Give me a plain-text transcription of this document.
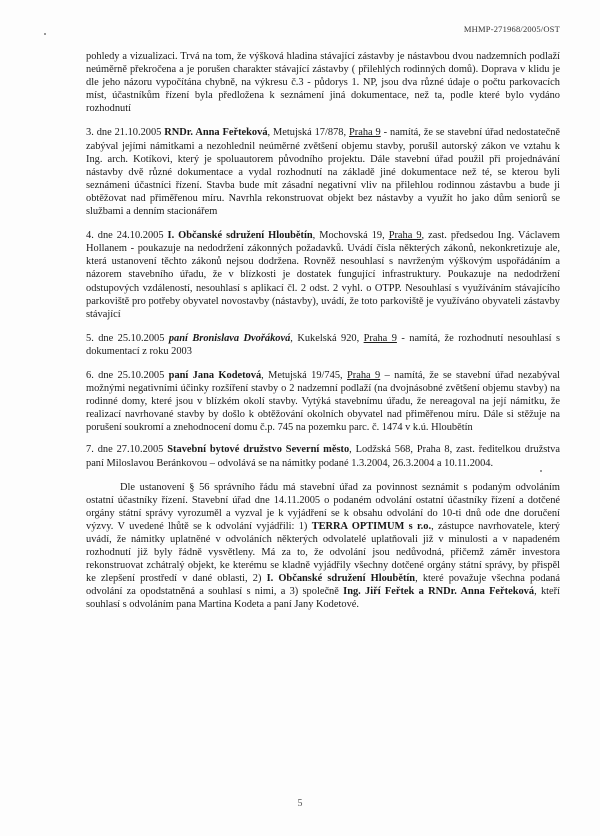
MHMP-271968/2005/OST

pohledy a vizualizaci. Trvá na tom, že výšková hladina stávající zástavby je nástavbou dvou nadzemních podlaží neúměrně překročena a je porušen charakter stávající zástavby ( přilehlých rodinných domů). Doprava v klidu je dle jeho názoru vypočítána chybně, na výkresu č.3 - půdorys 1. NP, jsou dva různé údaje o počtu parkovacích míst, účastníkům řízení byla předložena k seznámení jiná dokumentace, než ta, podle které bylo vydáno rozhodnutí

3. dne 21.10.2005 RNDr. Anna Feřteková, Metujská 17/878, Praha 9 - namítá, že se stavební úřad nedostatečně zabýval jejími námitkami a nezohlednil neúměrné zvětšení objemu stavby, porušil autorský zákon ve vztahu k Ing. arch. Kotíkovi, který je spoluautorem původního projektu. Dále stavební úřad použil při projednávání nástavby dvě různé dokumentace a vydal rozhodnutí na základě jiné dokumentace než té, se kterou byli seznámeni účastníci řízení. Stavba bude mít zásadní negativní vliv na přilehlou rodinnou zástavbu a bude ji obtěžovat nad přiměřenou míru. Navrhla rekonstruovat objekt bez nástavby a využít ho jako dům seniorů se službami a denním stacionářem

4. dne 24.10.2005 I. Občanské sdružení Hloubětín, Mochovská 19, Praha 9, zast. předsedou Ing. Václavem Hollanem - poukazuje na nedodržení zákonných požadavků. Uvádí čísla některých zákonů, nekonkretizuje ale, která ustanovení těchto zákonů nejsou dodržena. Rovněž nesouhlasí s navrženým výškovým uspořádáním a názorem stavebního úřadu, že v blízkosti je dostatek fungující infrastruktury. Poukazuje na nedodržení odstupových vzdáleností, nesouhlasí s aplikací čl. 2 odst. 2 vyhl. o OTPP. Nesouhlasí s využíváním stávajícího parkoviště pro potřeby obyvatel novostavby (nástavby), uvádí, že toto parkoviště je využíváno obyvateli zástavby stávající

5. dne 25.10.2005 paní Bronislava Dvořáková, Kukelská 920, Praha 9 - namítá, že rozhodnutí nesouhlasí s dokumentací z roku 2003

6. dne 25.10.2005 paní Jana Kodetová, Metujská 19/745, Praha 9 – namítá, že se stavební úřad nezabýval možnými negativními účinky rozšíření stavby o 2 nadzemní podlaží (na dvojnásobné zvětšení objemu stavby) na rodinné domy, které jsou v blízkém okolí stavby. Vytýká stavebnímu úřadu, že nereagoval na její námitku, že realizací navrhované stavby by došlo k obtěžování okolních obyvatel nad přiměřenou míru. Dále si stěžuje na porušení soukromí a znehodnocení domu č.p. 745 na pozemku parc. č. 1474 v k.ú. Hloubětín

7. dne 27.10.2005 Stavební bytové družstvo Severní město, Lodžská 568, Praha 8, zast. ředitelkou družstva paní Miloslavou Beránkovou – odvolává se na námitky podané 1.3.2004, 26.3.2004 a 10.11.2004.

Dle ustanovení § 56 správního řádu má stavební úřad za povinnost seznámit s podaným odvoláním ostatní účastníky řízení. Stavební úřad dne 14.11.2005 o podaném odvolání ostatní účastníky řízení a dotčené orgány státní správy vyrozuměl a vyzval je k vyjádření se k obsahu odvolání do 10-ti dnů ode dne doručení výzvy. V uvedené lhůtě se k odvolání vyjádřili: 1) TERRA OPTIMUM s r.o., zástupce navrhovatele, který uvádí, že námitky uplatněné v odvoláních některých odvolatelé uplatňovali již v minulosti a v napadeném rozhodnutí již byly řádně vysvětleny. Má za to, že odvolání jsou nedůvodná, přičemž záměr investora rekonstruovat zchátralý objekt, ke kterému se kladně vyjádřily všechny dotčené orgány státní správy, by přispěl ke zlepšení prostředí v dané oblasti, 2) I. Občanské sdružení Hloubětín, které považuje všechna podaná odvolání za opodstatněná a souhlasí s nimi, a 3) společně Ing. Jiří Feřtek a RNDr. Anna Feřteková, kteří souhlasí s odvoláním pana Martina Kodeta a paní Jany Kodetové.

5
